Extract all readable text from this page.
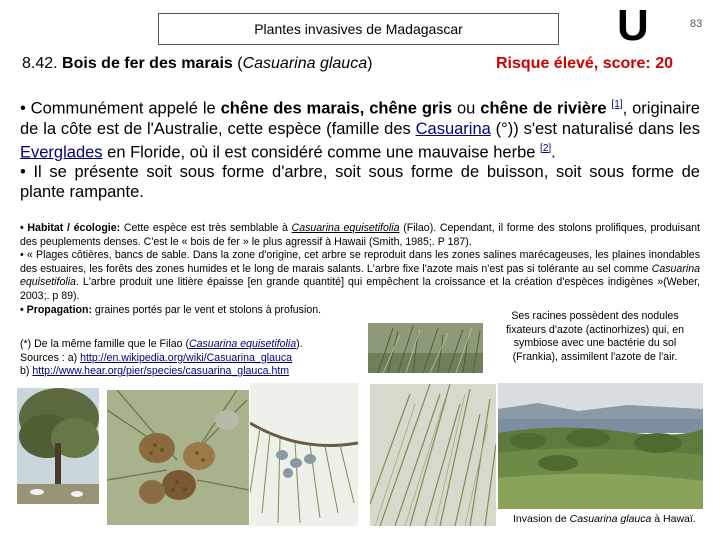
Plantes invasives de Madagascar	U	83
8.42. Bois de fer des marais (Casuarina glauca)	Risque élevé, score: 20

• Communément appelé le chêne des marais, chêne gris ou chêne de rivière [1], originaire de la côte est de l'Australie, cette espèce (famille des Casuarina (°)) s'est naturalisé dans les Everglades en Floride, où il est considéré comme une mauvaise herbe [2].

• Il se présente soit sous forme d'arbre, soit sous forme de buisson, soit sous forme de plante rampante.

• Habitat / écologie: Cette espèce est très semblable à Casuarina equisetifolia (Filao). Cependant, il forme des stolons prolifiques, produisant des peuplements denses. C'est le « bois de fer » le plus agressif à Hawaii (Smith, 1985;. P 187).

• « Plages côtières, bancs de sable. Dans la zone d'origine, cet arbre se reproduit dans les zones salines marécageuses, les plaines inondables des estuaires, les forêts des zones humides et le long de marais salants. L'arbre fixe l'azote mais n'est pas si tolérante au sel comme Casuarina equisetifolia. L'arbre produit une litière épaisse [en grande quantité] qui empêchent la croissance et la création d'espèces indigènes »(Weber, 2003;. p 89).

• Propagation: graines portés par le vent et stolons à profusion.

Ses racines possèdent des nodules fixateurs d'azote (actinorhizes) qui, en symbiose avec une bactérie du sol (Frankia), assimilent l'azote de l'air.
(*) De la même famille que le Filao (Casuarina equisetifolia).
Sources : a) http://en.wikipedia.org/wiki/Casuarina_glauca
b) http://www.hear.org/pier/species/casuarina_glauca.htm
Invasion de Casuarina glauca à Hawaï.
